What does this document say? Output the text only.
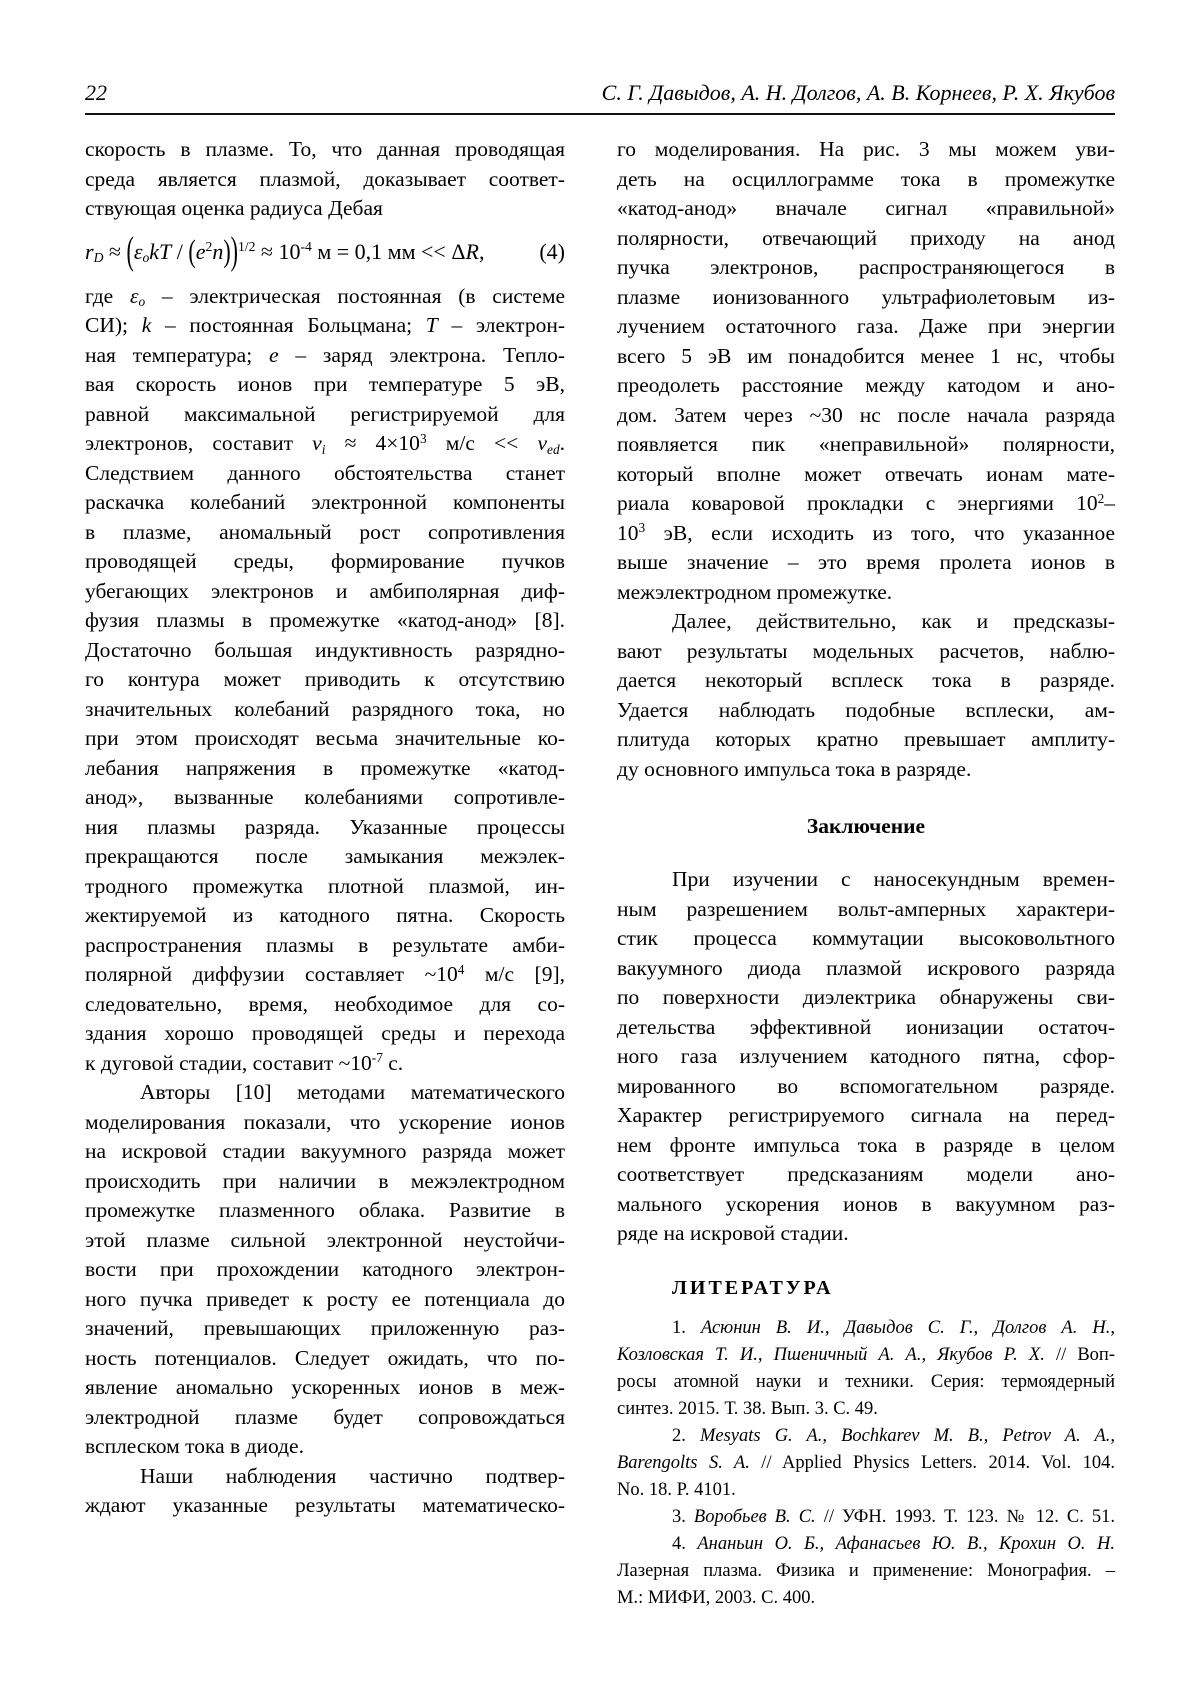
22	С. Г. Давыдов, А. Н. Долгов, А. В. Корнеев, Р. Х. Якубов
скорость в плазме. То, что данная проводящая
среда является плазмой, доказывает соответ-
ствующая оценка радиуса Дебая
rD ≈ $(\varepsilon okT / (e^2n))^{1/2} \approx 10^{-4}$ м = 0,1 мм << ΔR, (4)
где εo – электрическая постоянная (в системе
СИ); k – постоянная Больцмана; T – электрон-
ная температура; e – заряд электрона. Тепло-
вая скорость ионов при температуре 5 эВ,
равной максимальной регистрируемой для
электронов, составит vi ≈ $4\times 10^3$ м/с << ved.
Следствием данного обстоятельства станет
раскачка колебаний электронной компоненты
в плазме, аномальный рост сопротивления
проводящей среды, формирование пучков
убегающих электронов и амбиполярная диф-
фузия плазмы в промежутке «катод-анод» [8].
Достаточно большая индуктивность разрядно-
го контура может приводить к отсутствию
значительных колебаний разрядного тока, но
при этом происходят весьма значительные ко-
лебания напряжения в промежутке «катод-
анод», вызванные колебаниями сопротивле-
ния плазмы разряда. Указанные процессы
прекращаются после замыкания межэлек-
тродного промежутка плотной плазмой, ин-
жектируемой из катодного пятна. Скорость
распространения плазмы в результате амби-
полярной диффузии составляет $\sim 10^4$ м/с [9],
следовательно, время, необходимое для со-
здания хорошо проводящей среды и перехода
к дуговой стадии, составит $\sim 10^{-7}$ с.
Авторы [10] методами математического
моделирования показали, что ускорение ионов
на искровой стадии вакуумного разряда может
происходить при наличии в межэлектродном
промежутке плазменного облака. Развитие в
этой плазме сильной электронной неустойчи-
вости при прохождении катодного электрон-
ного пучка приведет к росту ее потенциала до
значений, превышающих приложенную раз-
ность потенциалов. Следует ожидать, что по-
явление аномально ускоренных ионов в меж-
электродной плазме будет сопровождаться
всплеском тока в диоде.
Наши наблюдения частично подтвер-
ждают указанные результаты математическо-
го моделирования. На рис. 3 мы можем уви-
деть на осциллограмме тока в промежутке
«катод-анод» вначале сигнал «правильной»
полярности, отвечающий приходу на анод
пучка электронов, распространяющегося в
плазме ионизованного ультрафиолетовым из-
лучением остаточного газа. Даже при энергии
всего 5 эВ им понадобится менее 1 нс, чтобы
преодолеть расстояние между катодом и ано-
дом. Затем через ~30 нс после начала разряда
появляется пик «неправильной» полярности,
который вполне может отвечать ионам мате-
риала коваровой прокладки с энергиями $10^2-$
$10^3$ эВ, если исходить из того, что указанное
выше значение – это время пролета ионов в
межэлектродном промежутке.
Далее, действительно, как и предсказы-
вают результаты модельных расчетов, наблю-
дается некоторый всплеск тока в разряде.
Удается наблюдать подобные всплески, ам-
плитуда которых кратно превышает амплиту-
ду основного импульса тока в разряде.
Заключение
При изучении с наносекундным времен-
ным разрешением вольт-амперных характери-
стик процесса коммутации высоковольтного
вакуумного диода плазмой искрового разряда
по поверхности диэлектрика обнаружены сви-
детельства эффективной ионизации остаточ-
ного газа излучением катодного пятна, сфор-
мированного во вспомогательном разряде.
Характер регистрируемого сигнала на перед-
нем фронте импульса тока в разряде в целом
соответствует предсказаниям модели ано-
мального ускорения ионов в вакуумном раз-
ряде на искровой стадии.
ЛИТЕРАТУРА
1. Асюнин В. И., Давыдов С. Г., Долгов А. Н.,
Козловская Т. И., Пшеничный А. А., Якубов Р. Х. // Воп-
росы атомной науки и техники. Серия: термоядерный
синтез. 2015. Т. 38. Вып. 3. С. 49.
2. Mesyats G. A., Bochkarev M. B., Petrov A. A.,
Barengolts S. A. // Applied Physics Letters. 2014. Vol. 104.
No. 18. P. 4101.
3. Воробьев В. С. // УФН. 1993. Т. 123. № 12. С. 51.
4. Ананьин О. Б., Афанасьев Ю. В., Крохин О. Н.
Лазерная плазма. Физика и применение: Монография. –
М.: МИФИ, 2003. С. 400.
